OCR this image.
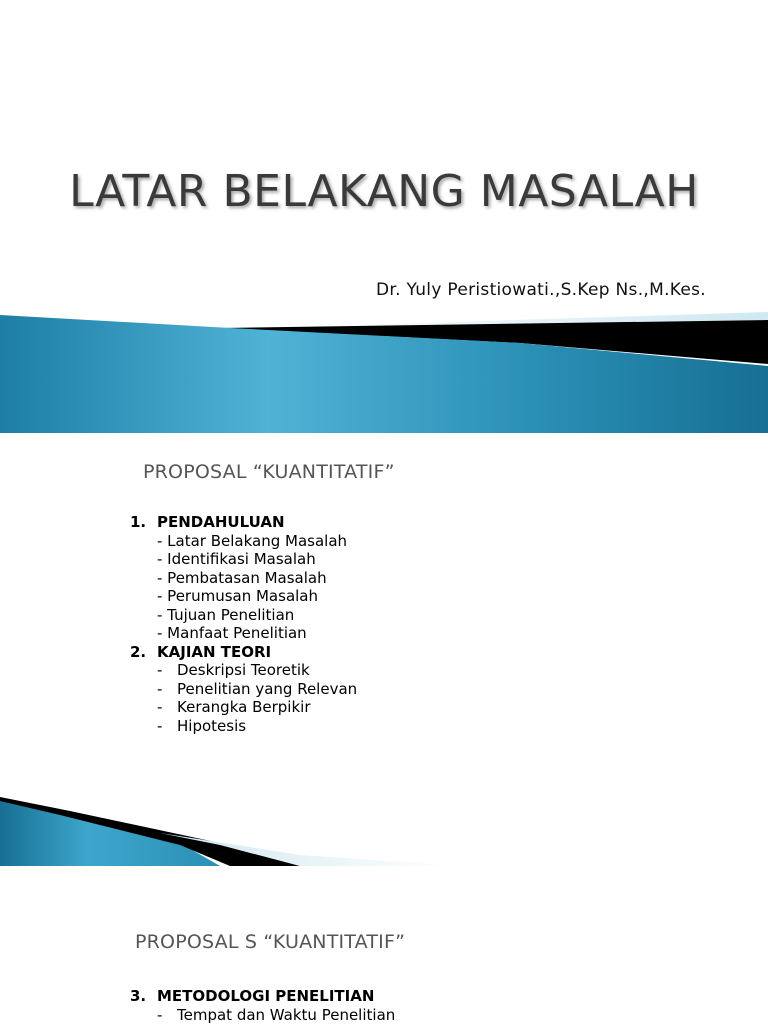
LATAR BELAKANG MASALAH
Dr. Yuly Peristiowati.,S.Kep Ns.,M.Kes.
PROPOSAL “KUANTITATIF”
1. PENDAHULUAN
- Latar Belakang Masalah
- Identifikasi Masalah
- Pembatasan Masalah
- Perumusan Masalah
- Tujuan Penelitian
- Manfaat Penelitian
2. KAJIAN TEORI
- Deskripsi Teoretik
- Penelitian yang Relevan
- Kerangka Berpikir
- Hipotesis
PROPOSAL S “KUANTITATIF”
3. METODOLOGI PENELITIAN
- Tempat dan Waktu Penelitian
